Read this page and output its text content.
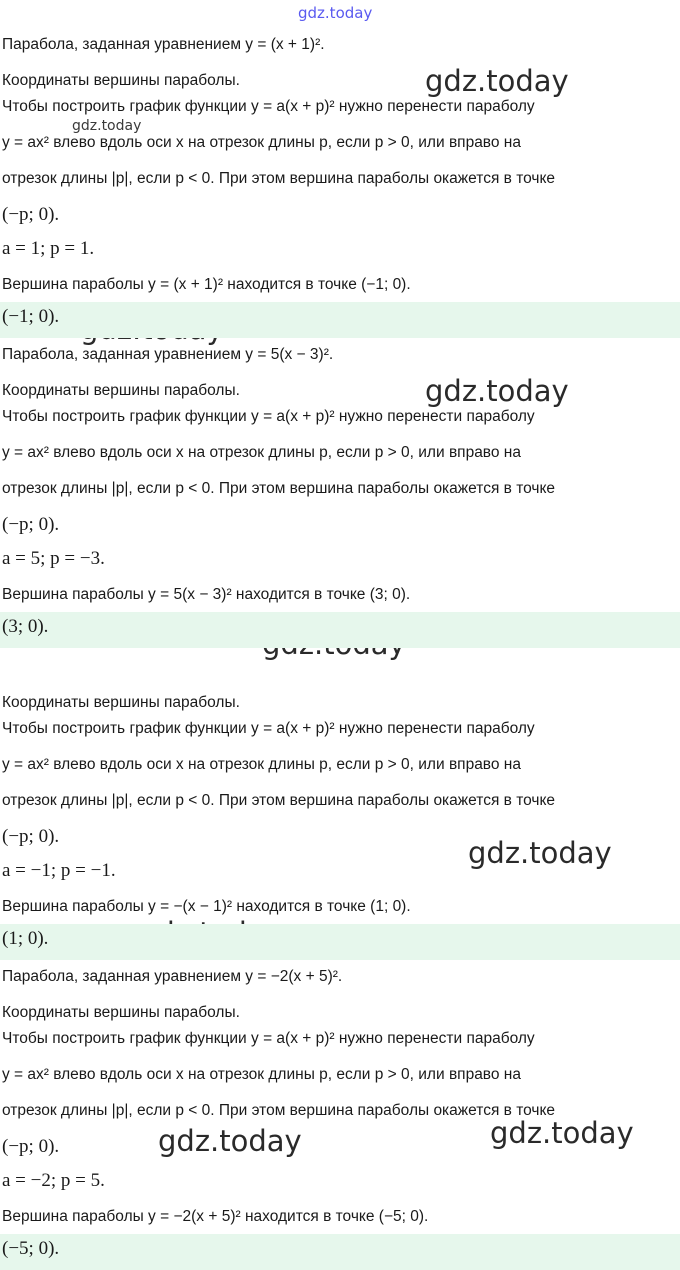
gdz.today
gdz.today
gdz.today
gdz.today
gdz.today
gdz.today	gdz.today
Парабола, заданная уравнением y = (x + 1)².
Координаты вершины параболы.
Чтобы построить график функции y = a(x + p)² нужно перенести параболу
y = ax² влево вдоль оси x на отрезок длины p, если p > 0, или вправо на
отрезок длины |p|, если p < 0. При этом вершина параболы окажется в точке
(−p; 0).
a = 1; p = 1.
Вершина параболы y = (x + 1)² находится в точке (−1; 0).
(−1; 0).
Парабола, заданная уравнением y = 5(x − 3)².
Координаты вершины параболы.
Чтобы построить график функции y = a(x + p)² нужно перенести параболу
y = ax² влево вдоль оси x на отрезок длины p, если p > 0, или вправо на
отрезок длины |p|, если p < 0. При этом вершина параболы окажется в точке
(−p; 0).
a = 5; p = −3.
Вершина параболы y = 5(x − 3)² находится в точке (3; 0).
(3; 0).
Координаты вершины параболы.
Чтобы построить график функции y = a(x + p)² нужно перенести параболу
y = ax² влево вдоль оси x на отрезок длины p, если p > 0, или вправо на
отрезок длины |p|, если p < 0. При этом вершина параболы окажется в точке
(−p; 0).
a = −1; p = −1.
Вершина параболы y = −(x − 1)² находится в точке (1; 0).
(1; 0).
Парабола, заданная уравнением y = −2(x + 5)².
Координаты вершины параболы.
Чтобы построить график функции y = a(x + p)² нужно перенести параболу
y = ax² влево вдоль оси x на отрезок длины p, если p > 0, или вправо на
отрезок длины |p|, если p < 0. При этом вершина параболы окажется в точке
(−p; 0).
a = −2; p = 5.
Вершина параболы y = −2(x + 5)² находится в точке (−5; 0).
(−5; 0).
